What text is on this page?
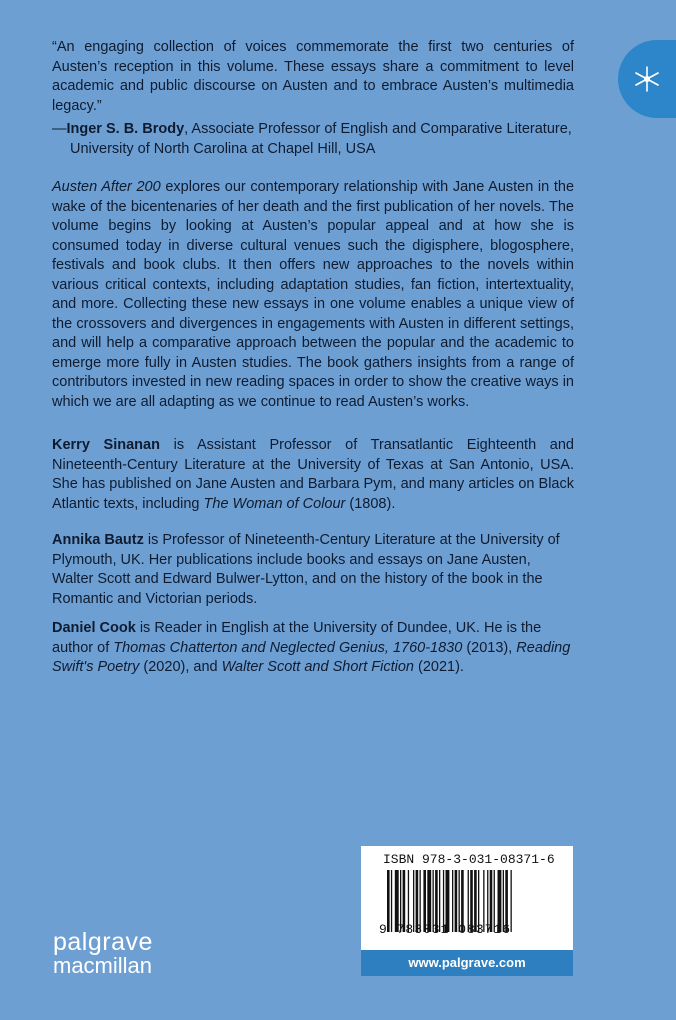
“An engaging collection of voices commemorate the first two centuries of Austen’s reception in this volume. These essays share a commitment to level academic and public discourse on Austen and to embrace Austen’s multimedia legacy.”
—Inger S. B. Brody, Associate Professor of English and Comparative Literature, University of North Carolina at Chapel Hill, USA
Austen After 200 explores our contemporary relationship with Jane Austen in the wake of the bicentenaries of her death and the first publication of her novels. The volume begins by looking at Austen’s popular appeal and at how she is consumed today in diverse cultural venues such the digisphere, blogosphere, festivals and book clubs. It then offers new approaches to the novels within various critical contexts, including adaptation studies, fan fiction, intertextuality, and more. Collecting these new essays in one volume enables a unique view of the crossovers and divergences in engagements with Austen in different settings, and will help a comparative approach between the popular and the academic to emerge more fully in Austen studies. The book gathers insights from a range of contributors invested in new reading spaces in order to show the creative ways in which we are all adapting as we continue to read Austen’s works.
Kerry Sinanan is Assistant Professor of Transatlantic Eighteenth and Nineteenth-Century Literature at the University of Texas at San Antonio, USA. She has published on Jane Austen and Barbara Pym, and many articles on Black Atlantic texts, including The Woman of Colour (1808).
Annika Bautz is Professor of Nineteenth-Century Literature at the University of Plymouth, UK. Her publications include books and essays on Jane Austen, Walter Scott and Edward Bulwer-Lytton, and on the history of the book in the Romantic and Victorian periods.
Daniel Cook is Reader in English at the University of Dundee, UK. He is the author of Thomas Chatterton and Neglected Genius, 1760-1830 (2013), Reading Swift's Poetry (2020), and Walter Scott and Short Fiction (2021).
palgrave
macmillan
ISBN 978-3-031-08371-6
9 783031 083716
www.palgrave.com
